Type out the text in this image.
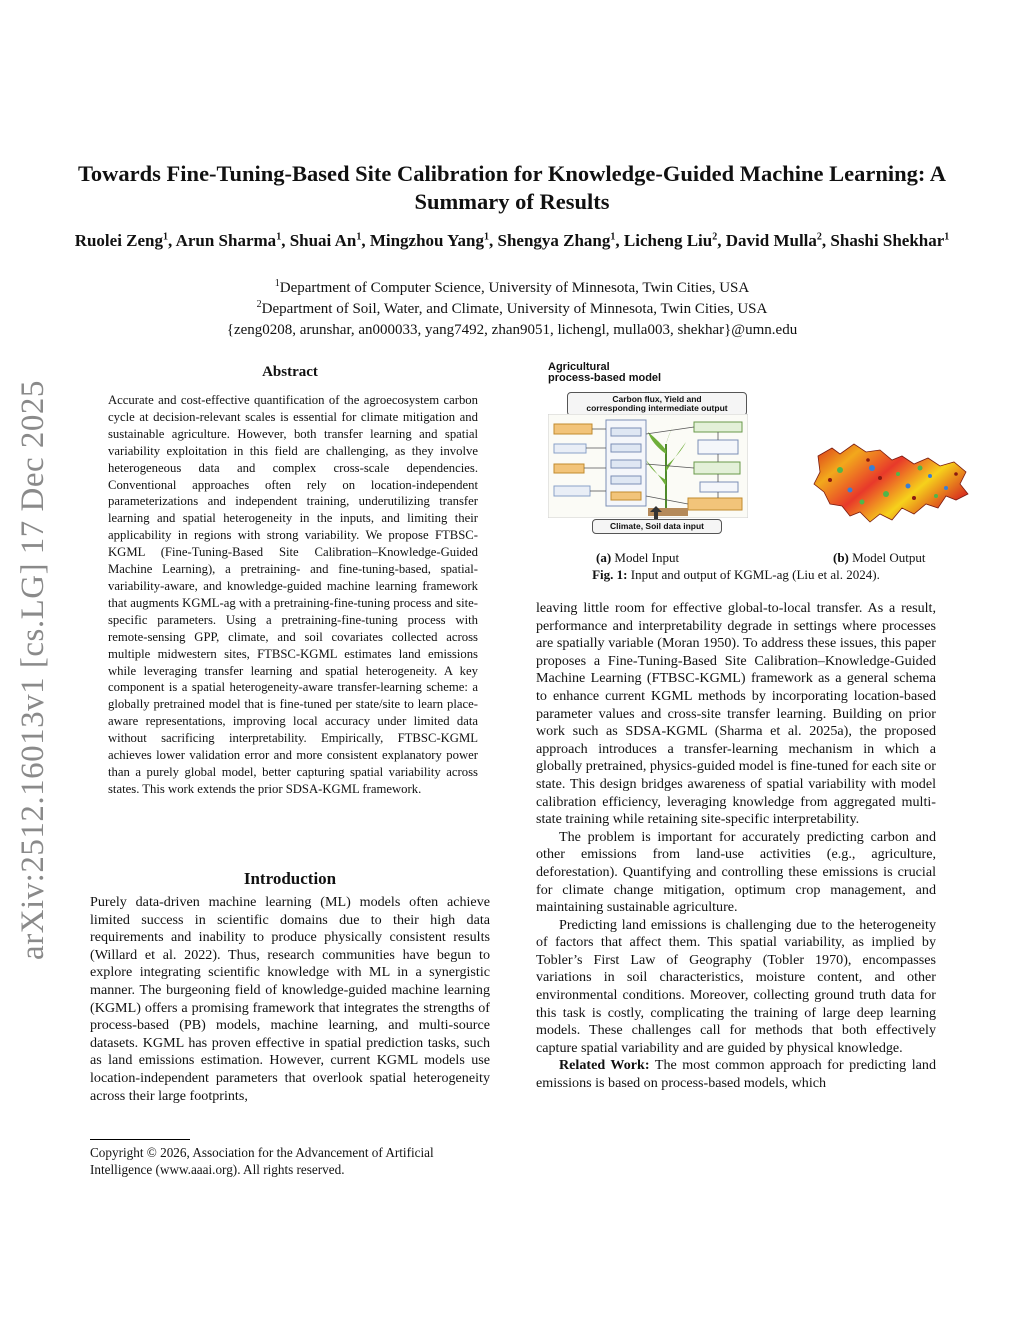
arXiv:2512.16013v1 [cs.LG] 17 Dec 2025
Towards Fine-Tuning-Based Site Calibration for Knowledge-Guided Machine Learning: A Summary of Results
Ruolei Zeng$^1$, Arun Sharma$^1$, Shuai An$^1$, Mingzhou Yang$^1$, Shengya Zhang$^1$, Licheng Liu$^2$, David Mulla$^2$, Shashi Shekhar$^1$
$^1$Department of Computer Science, University of Minnesota, Twin Cities, USA
$^2$Department of Soil, Water, and Climate, University of Minnesota, Twin Cities, USA
{zeng0208, arunshar, an000033, yang7492, zhan9051, lichengl, mulla003, shekhar}@umn.edu
Abstract
Accurate and cost-effective quantification of the agroecosystem carbon cycle at decision-relevant scales is essential for climate mitigation and sustainable agriculture. However, both transfer learning and spatial variability exploitation in this field are challenging, as they involve heterogeneous data and complex cross-scale dependencies. Conventional approaches often rely on location-independent parameterizations and independent training, underutilizing transfer learning and spatial heterogeneity in the inputs, and limiting their applicability in regions with strong variability. We propose FTBSC-KGML (Fine-Tuning-Based Site Calibration–Knowledge-Guided Machine Learning), a pretraining- and fine-tuning-based, spatial-variability-aware, and knowledge-guided machine learning framework that augments KGML-ag with a pretraining-fine-tuning process and site-specific parameters. Using a pretraining-fine-tuning process with remote-sensing GPP, climate, and soil covariates collected across multiple midwestern sites, FTBSC-KGML estimates land emissions while leveraging transfer learning and spatial heterogeneity. A key component is a spatial heterogeneity-aware transfer-learning scheme: a globally pretrained model that is fine-tuned per state/site to learn place-aware representations, improving local accuracy under limited data without sacrificing interpretability. Empirically, FTBSC-KGML achieves lower validation error and more consistent explanatory power than a purely global model, better capturing spatial variability across states. This work extends the prior SDSA-KGML framework.
Introduction
Purely data-driven machine learning (ML) models often achieve limited success in scientific domains due to their high data requirements and inability to produce physically consistent results (Willard et al. 2022). Thus, research communities have begun to explore integrating scientific knowledge with ML in a synergistic manner. The burgeoning field of knowledge-guided machine learning (KGML) offers a promising framework that integrates the strengths of process-based (PB) models, machine learning, and multi-source datasets. KGML has proven effective in spatial prediction tasks, such as land emissions estimation. However, current KGML models use location-independent parameters that overlook spatial heterogeneity across their large footprints,
Copyright © 2026, Association for the Advancement of Artificial Intelligence (www.aaai.org). All rights reserved.
Agricultural
process-based model
Carbon flux, Yield and
corresponding intermediate output
Climate, Soil data input
(a) Model Input	(b) Model Output
Fig. 1: Input and output of KGML-ag (Liu et al. 2024).

leaving little room for effective global-to-local transfer. As a result, performance and interpretability degrade in settings where processes are spatially variable (Moran 1950). To address these issues, this paper proposes a Fine-Tuning-Based Site Calibration–Knowledge-Guided Machine Learning (FTBSC-KGML) framework as a general schema to enhance current KGML methods by incorporating location-based parameter values and cross-site transfer learning. Building on prior work such as SDSA-KGML (Sharma et al. 2025a), the proposed approach introduces a transfer-learning mechanism in which a globally pretrained, physics-guided model is fine-tuned for each site or state. This design bridges awareness of spatial variability with model calibration efficiency, leveraging knowledge from aggregated multi-state training while retaining site-specific interpretability.

The problem is important for accurately predicting carbon and other emissions from land-use activities (e.g., agriculture, deforestation). Quantifying and controlling these emissions is crucial for climate change mitigation, optimum crop management, and maintaining sustainable agriculture.

Predicting land emissions is challenging due to the heterogeneity of factors that affect them. This spatial variability, as implied by Tobler’s First Law of Geography (Tobler 1970), encompasses variations in soil characteristics, moisture content, and other environmental conditions. Moreover, collecting ground truth data for this task is costly, complicating the training of large deep learning models. These challenges call for methods that both effectively capture spatial variability and are guided by physical knowledge.

Related Work: The most common approach for predicting land emissions is based on process-based models, which
